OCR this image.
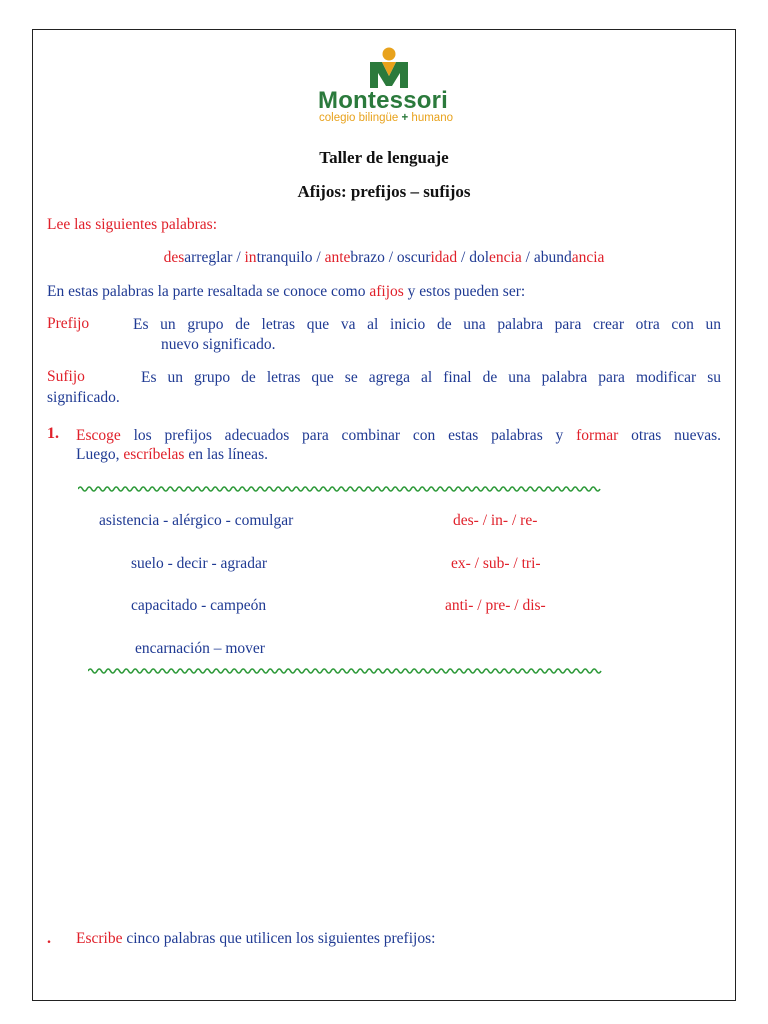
Montessori
colegio bilingüe + humano
Taller de lenguaje
Afijos: prefijos – sufijos
Lee las siguientes palabras:
desarreglar / intranquilo / antebrazo / oscuridad / dolencia / abundancia
En estas palabras la parte resaltada se conoce como afijos y estos pueden ser:
Prefijo	Es un grupo de letras que va al inicio de una palabra para crear otra con un
nuevo significado.
Sufijo	Es un grupo de letras que se agrega al final de una palabra para modificar su
significado.
1. Escoge los prefijos adecuados para combinar con estas palabras y formar otras nuevas.
Luego, escríbelas en las líneas.
asistencia - alérgico - comulgar
suelo - decir - agradar
capacitado - campeón
encarnación – mover
des- / in- / re-
ex- / sub- / tri-
anti- / pre- / dis-
. Escribe cinco palabras que utilicen los siguientes prefijos:
